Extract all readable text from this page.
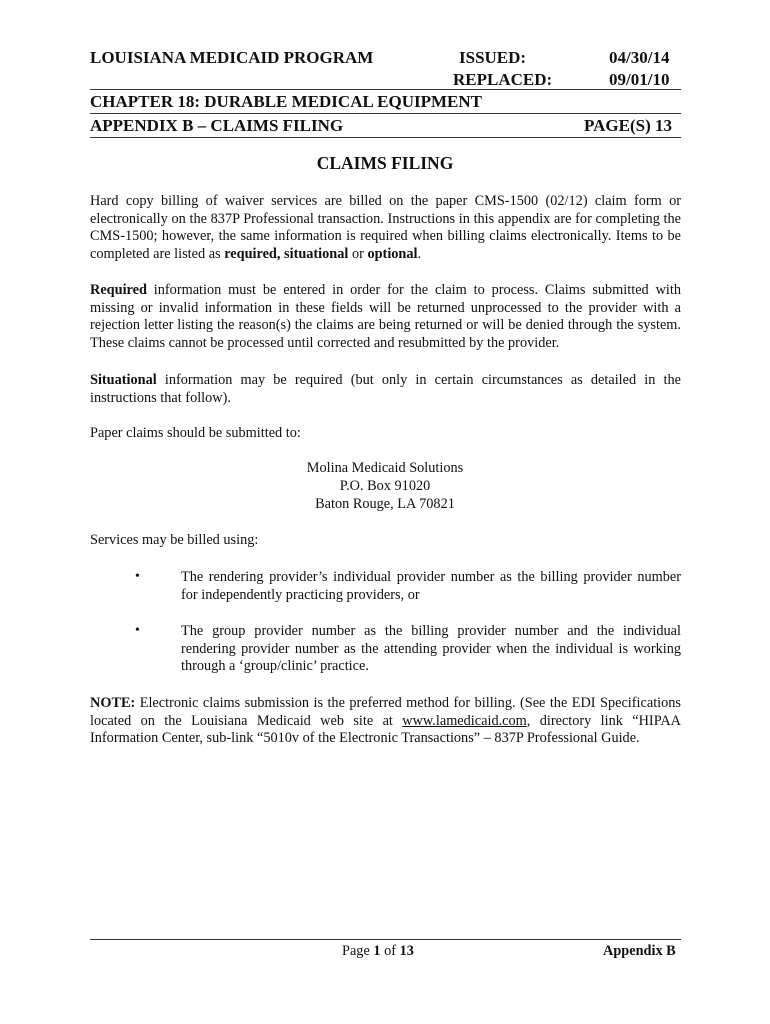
LOUISIANA MEDICAID PROGRAM	ISSUED:	04/30/14
REPLACED:	09/01/10
CHAPTER 18: DURABLE MEDICAL EQUIPMENT
APPENDIX B – CLAIMS FILING	PAGE(S) 13
CLAIMS FILING
Hard copy billing of waiver services are billed on the paper CMS-1500 (02/12) claim form or electronically on the 837P Professional transaction. Instructions in this appendix are for completing the CMS-1500; however, the same information is required when billing claims electronically. Items to be completed are listed as required, situational or optional.
Required information must be entered in order for the claim to process. Claims submitted with missing or invalid information in these fields will be returned unprocessed to the provider with a rejection letter listing the reason(s) the claims are being returned or will be denied through the system. These claims cannot be processed until corrected and resubmitted by the provider.
Situational information may be required (but only in certain circumstances as detailed in the instructions that follow).
Paper claims should be submitted to:
Molina Medicaid Solutions
P.O. Box 91020
Baton Rouge, LA 70821
Services may be billed using:
•	The rendering provider’s individual provider number as the billing provider number for independently practicing providers, or
•	The group provider number as the billing provider number and the individual rendering provider number as the attending provider when the individual is working through a ‘group/clinic’ practice.
NOTE: Electronic claims submission is the preferred method for billing. (See the EDI Specifications located on the Louisiana Medicaid web site at www.lamedicaid.com, directory link “HIPAA Information Center, sub-link “5010v of the Electronic Transactions” – 837P Professional Guide.
Page 1 of 13	Appendix B
